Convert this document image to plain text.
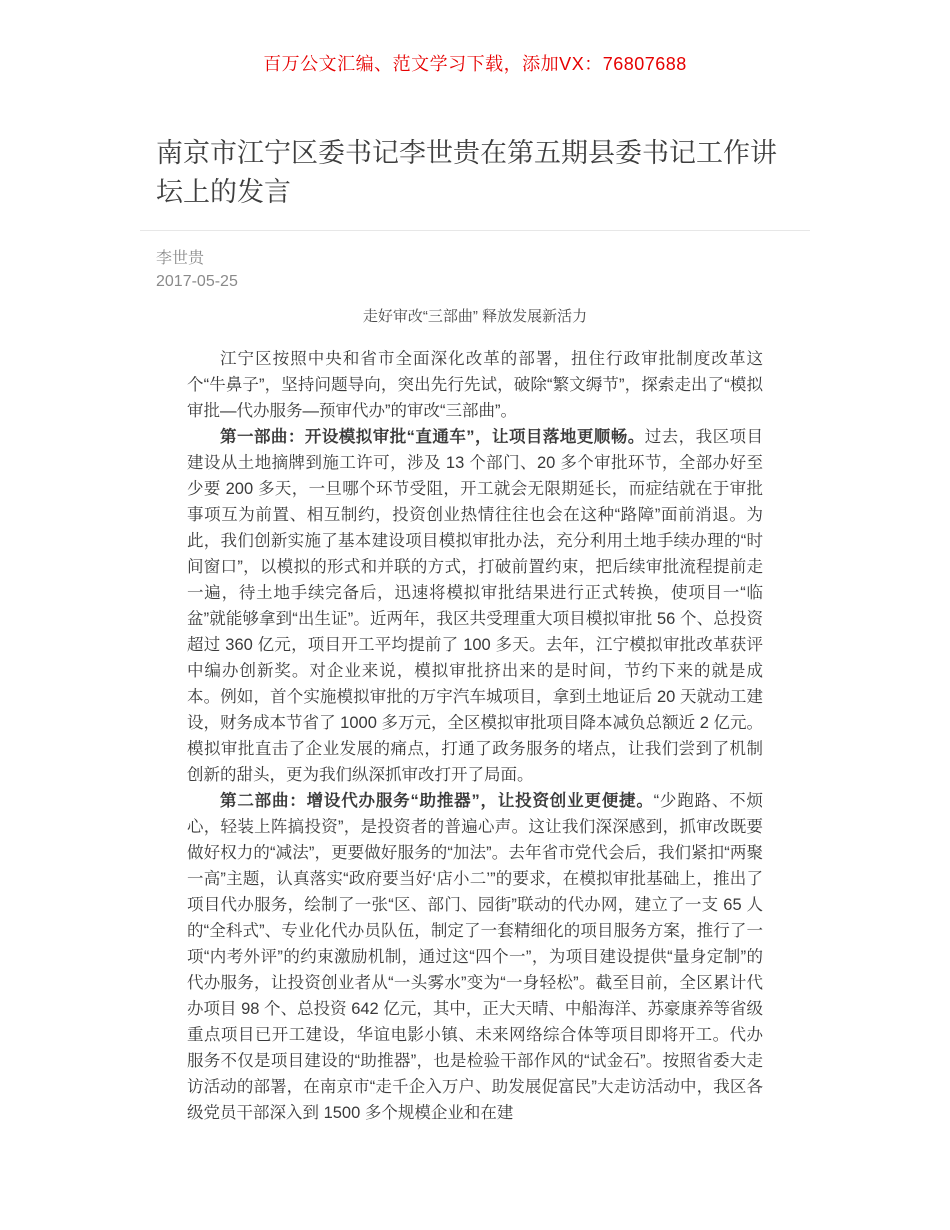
百万公文汇编、范文学习下载，添加VX：76807688
南京市江宁区委书记李世贵在第五期县委书记工作讲坛上的发言
李世贵
2017-05-25
走好审改“三部曲” 释放发展新活力

江宁区按照中央和省市全面深化改革的部署，扭住行政审批制度改革这个“牛鼻子”，坚持问题导向，突出先行先试，破除“繁文缛节”，探索走出了“模拟审批—代办服务—预审代办”的审改“三部曲”。

第一部曲：开设模拟审批“直通车”，让项目落地更顺畅。过去，我区项目建设从土地摘牌到施工许可，涉及 13 个部门、20 多个审批环节，全部办好至少要 200 多天，一旦哪个环节受阻，开工就会无限期延长，而症结就在于审批事项互为前置、相互制约，投资创业热情往往也会在这种“路障”面前消退。为此，我们创新实施了基本建设项目模拟审批办法，充分利用土地手续办理的“时间窗口”，以模拟的形式和并联的方式，打破前置约束，把后续审批流程提前走一遍，待土地手续完备后，迅速将模拟审批结果进行正式转换，使项目一“临盆”就能够拿到“出生证”。近两年，我区共受理重大项目模拟审批 56 个、总投资超过 360 亿元，项目开工平均提前了 100 多天。去年，江宁模拟审批改革获评中编办创新奖。对企业来说，模拟审批挤出来的是时间，节约下来的就是成本。例如，首个实施模拟审批的万宇汽车城项目，拿到土地证后 20 天就动工建设，财务成本节省了 1000 多万元，全区模拟审批项目降本减负总额近 2 亿元。模拟审批直击了企业发展的痛点，打通了政务服务的堵点，让我们尝到了机制创新的甜头，更为我们纵深抓审改打开了局面。

第二部曲：增设代办服务“助推器”，让投资创业更便捷。“少跑路、不烦心，轻装上阵搞投资”，是投资者的普遍心声。这让我们深深感到，抓审改既要做好权力的“减法”，更要做好服务的“加法”。去年省市党代会后，我们紧扣“两聚一高”主题，认真落实“政府要当好‘店小二’”的要求，在模拟审批基础上，推出了项目代办服务，绘制了一张“区、部门、园街”联动的代办网，建立了一支 65 人的“全科式”、专业化代办员队伍，制定了一套精细化的项目服务方案，推行了一项“内考外评”的约束激励机制，通过这“四个一”，为项目建设提供“量身定制”的代办服务，让投资创业者从“一头雾水”变为“一身轻松”。截至目前，全区累计代办项目 98 个、总投资 642 亿元，其中，正大天晴、中船海洋、苏豪康养等省级重点项目已开工建设，华谊电影小镇、未来网络综合体等项目即将开工。代办服务不仅是项目建设的“助推器”，也是检验干部作风的“试金石”。按照省委大走访活动的部署，在南京市“走千企入万户、助发展促富民”大走访活动中，我区各级党员干部深入到 1500 多个规模企业和在建
